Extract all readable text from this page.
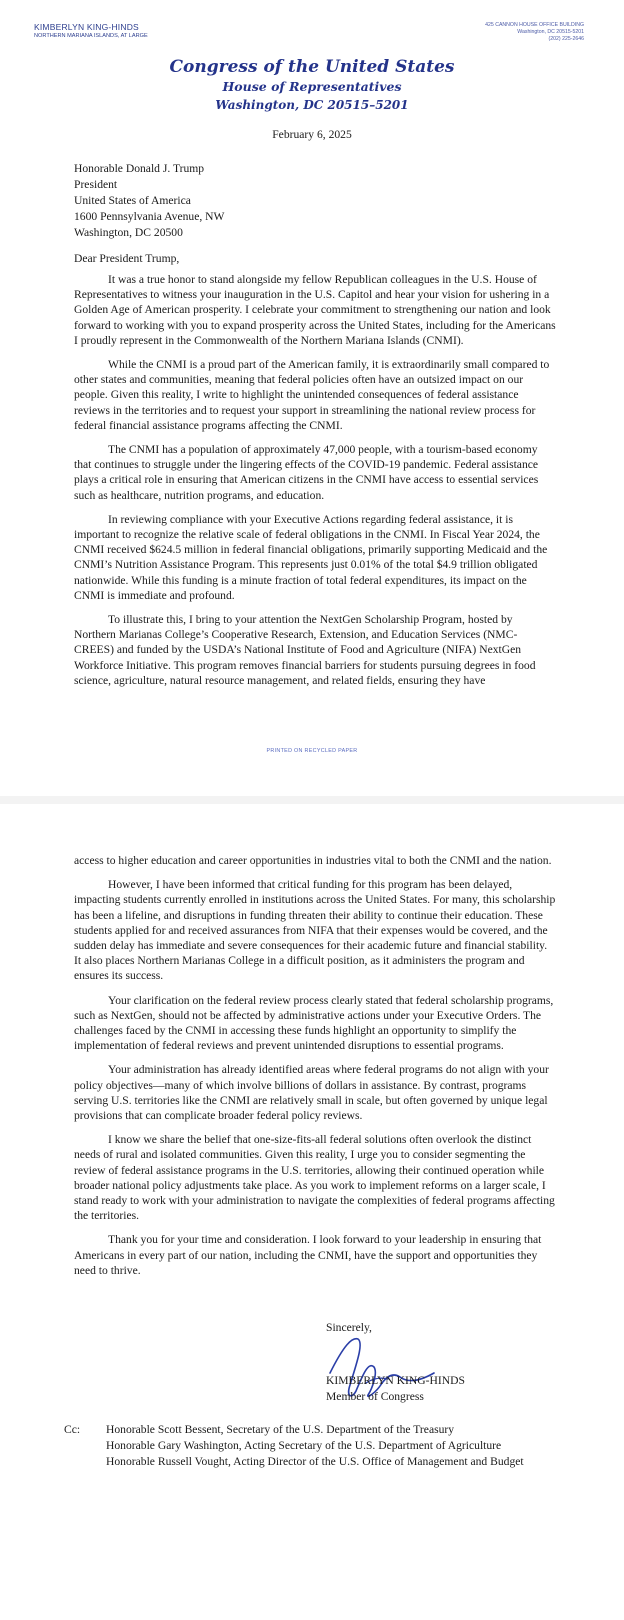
KIMBERLYN KING-HINDS
NORTHERN MARIANA ISLANDS, AT LARGE
425 CANNON HOUSE OFFICE BUILDING
Washington, DC 20515-5201
(202) 225-2646
Congress of the United States
House of Representatives
Washington, DC 20515–5201
February 6, 2025
Honorable Donald J. Trump
President
United States of America
1600 Pennsylvania Avenue, NW
Washington, DC 20500
Dear President Trump,

It was a true honor to stand alongside my fellow Republican colleagues in the U.S. House of Representatives to witness your inauguration in the U.S. Capitol and hear your vision for ushering in a Golden Age of American prosperity. I celebrate your commitment to strengthening our nation and look forward to working with you to expand prosperity across the United States, including for the Americans I proudly represent in the Commonwealth of the Northern Mariana Islands (CNMI).

While the CNMI is a proud part of the American family, it is extraordinarily small compared to other states and communities, meaning that federal policies often have an outsized impact on our people. Given this reality, I write to highlight the unintended consequences of federal assistance reviews in the territories and to request your support in streamlining the national review process for federal financial assistance programs affecting the CNMI.

The CNMI has a population of approximately 47,000 people, with a tourism-based economy that continues to struggle under the lingering effects of the COVID-19 pandemic. Federal assistance plays a critical role in ensuring that American citizens in the CNMI have access to essential services such as healthcare, nutrition programs, and education.

In reviewing compliance with your Executive Actions regarding federal assistance, it is important to recognize the relative scale of federal obligations in the CNMI. In Fiscal Year 2024, the CNMI received $624.5 million in federal financial obligations, primarily supporting Medicaid and the CNMI’s Nutrition Assistance Program. This represents just 0.01% of the total $4.9 trillion obligated nationwide. While this funding is a minute fraction of total federal expenditures, its impact on the CNMI is immediate and profound.

To illustrate this, I bring to your attention the NextGen Scholarship Program, hosted by Northern Marianas College’s Cooperative Research, Extension, and Education Services (NMC-CREES) and funded by the USDA’s National Institute of Food and Agriculture (NIFA) NextGen Workforce Initiative. This program removes financial barriers for students pursuing degrees in food science, agriculture, natural resource management, and related fields, ensuring they have

PRINTED ON RECYCLED PAPER

access to higher education and career opportunities in industries vital to both the CNMI and the nation.

However, I have been informed that critical funding for this program has been delayed, impacting students currently enrolled in institutions across the United States. For many, this scholarship has been a lifeline, and disruptions in funding threaten their ability to continue their education. These students applied for and received assurances from NIFA that their expenses would be covered, and the sudden delay has immediate and severe consequences for their academic future and financial stability. It also places Northern Marianas College in a difficult position, as it administers the program and ensures its success.

Your clarification on the federal review process clearly stated that federal scholarship programs, such as NextGen, should not be affected by administrative actions under your Executive Orders. The challenges faced by the CNMI in accessing these funds highlight an opportunity to simplify the implementation of federal reviews and prevent unintended disruptions to essential programs.

Your administration has already identified areas where federal programs do not align with your policy objectives—many of which involve billions of dollars in assistance. By contrast, programs serving U.S. territories like the CNMI are relatively small in scale, but often governed by unique legal provisions that can complicate broader federal policy reviews.

I know we share the belief that one-size-fits-all federal solutions often overlook the distinct needs of rural and isolated communities. Given this reality, I urge you to consider segmenting the review of federal assistance programs in the U.S. territories, allowing their continued operation while broader national policy adjustments take place. As you work to implement reforms on a larger scale, I stand ready to work with your administration to navigate the complexities of federal programs affecting the territories.

Thank you for your time and consideration. I look forward to your leadership in ensuring that Americans in every part of our nation, including the CNMI, have the support and opportunities they need to thrive.

Sincerely,
KIMBERLYN KING-HINDS
Member of Congress
Cc:	Honorable Scott Bessent, Secretary of the U.S. Department of the Treasury
Honorable Gary Washington, Acting Secretary of the U.S. Department of Agriculture
Honorable Russell Vought, Acting Director of the U.S. Office of Management and Budget
